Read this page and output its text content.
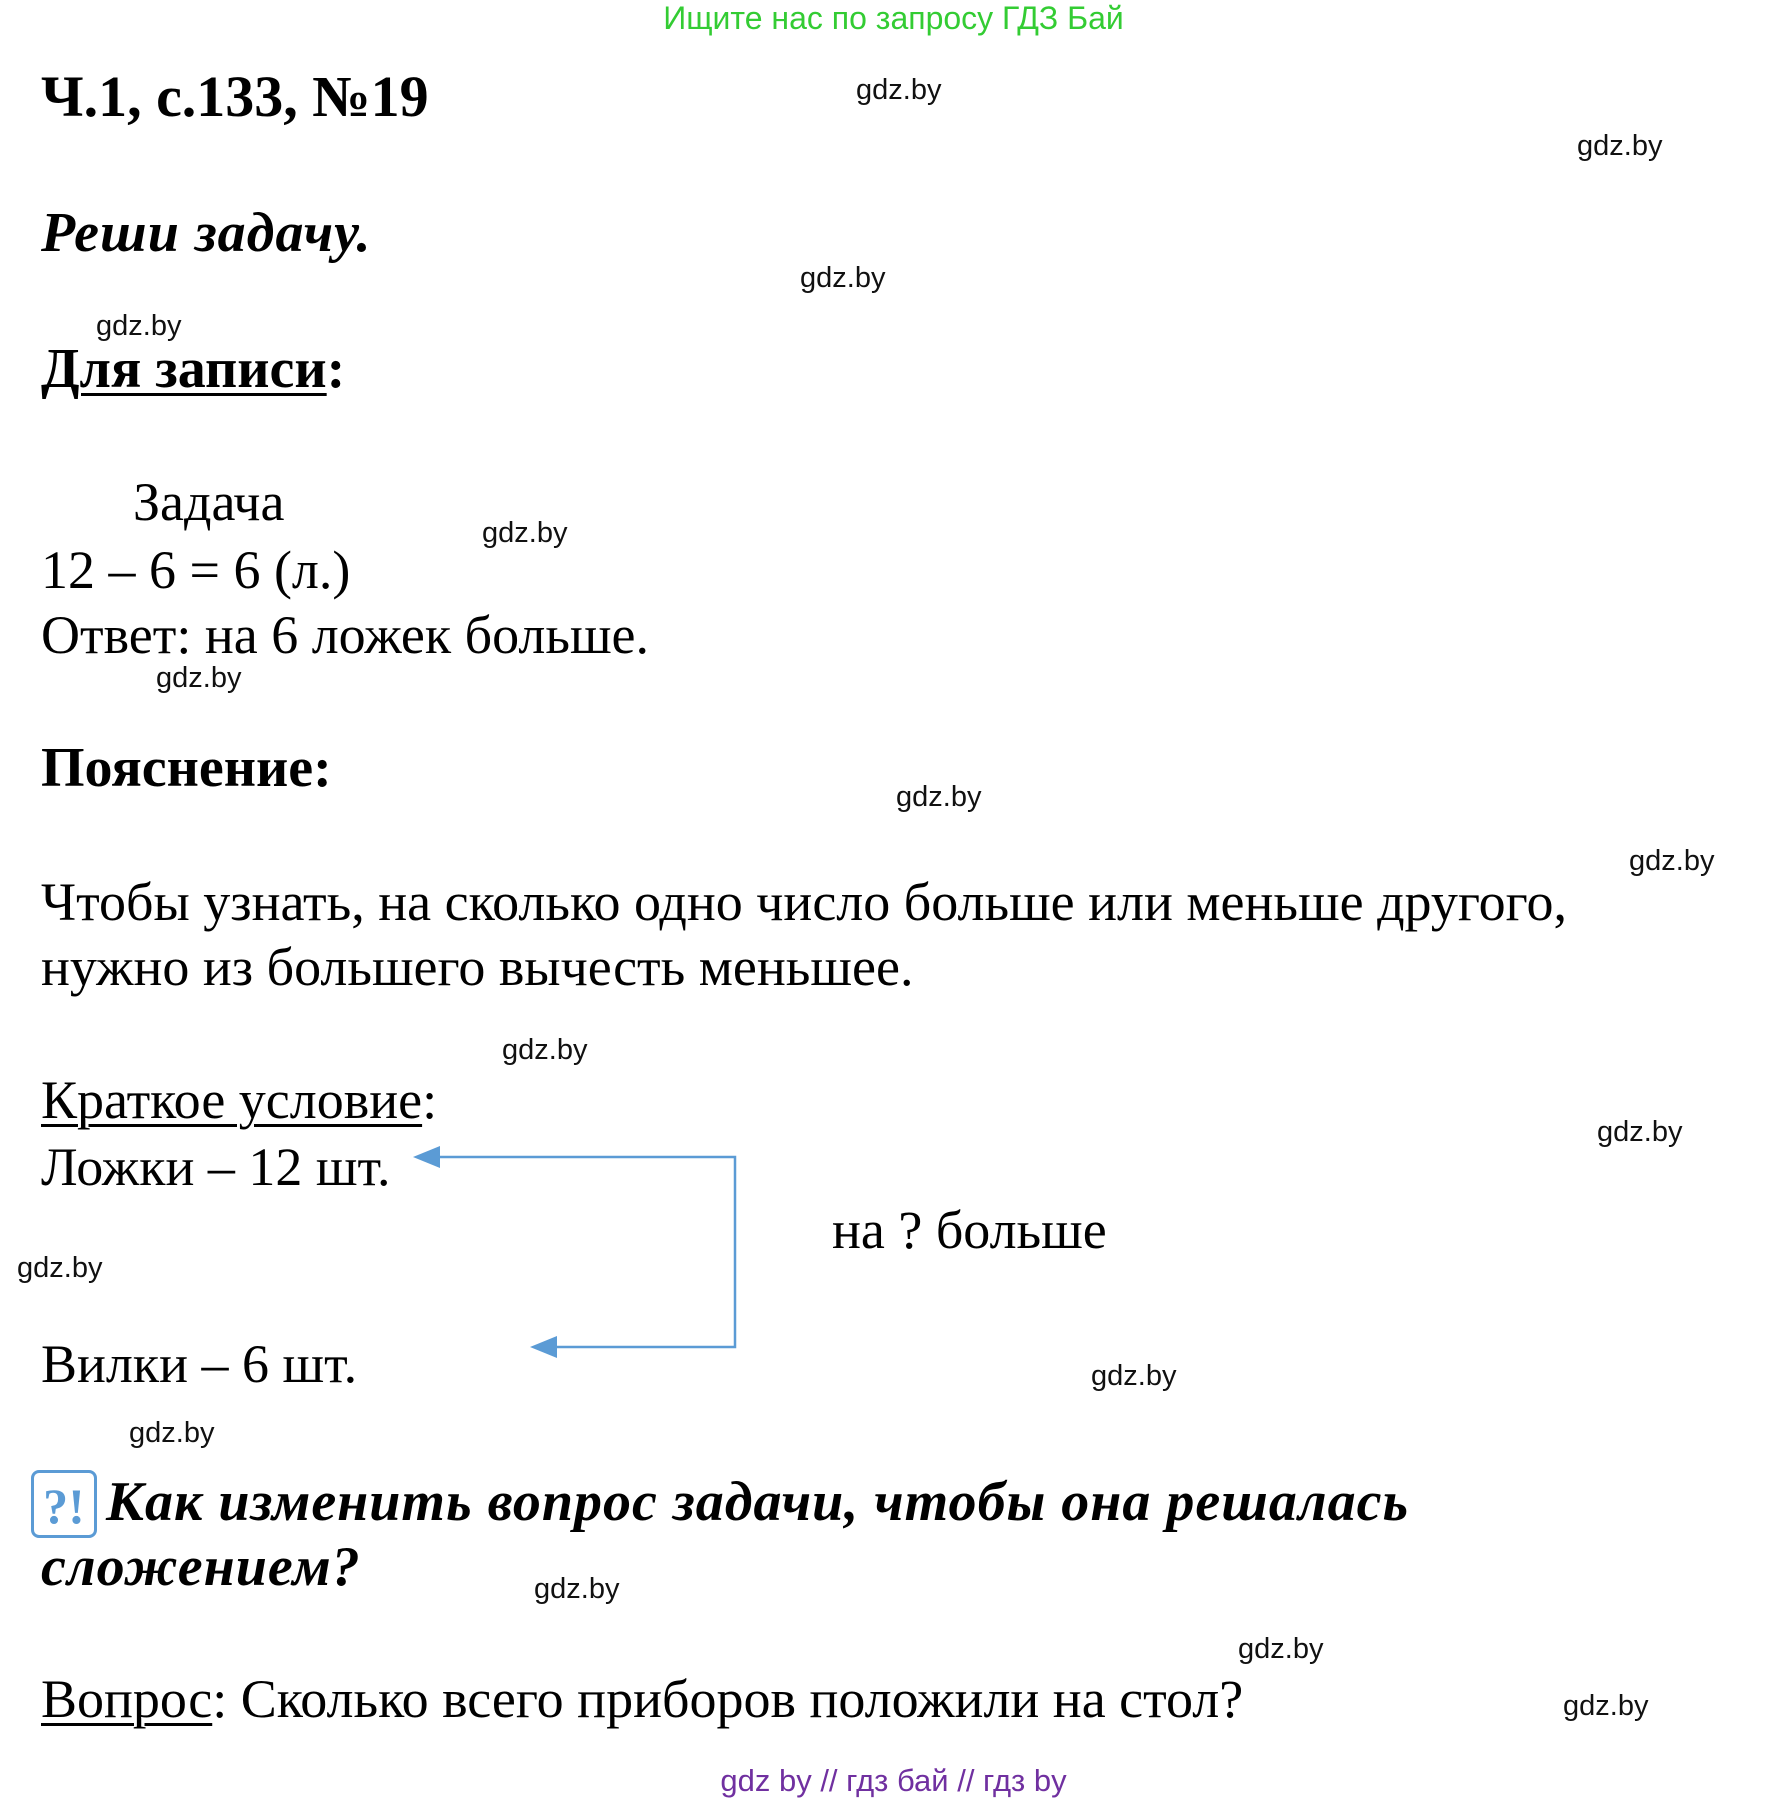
Ищите нас по запросу ГДЗ Бай
Ч.1, с.133, №19
Реши задачу.
Для записи:
Задача
12 – 6 = 6 (л.)
Ответ: на 6 ложек больше.
Пояснение:
Чтобы узнать, на сколько одно число больше или меньше другого,
нужно из большего вычесть меньшее.
Краткое условие:
Ложки – 12 шт.
на ? больше
Вилки – 6 шт.
?! Как изменить вопрос задачи, чтобы она решалась
сложением?
Вопрос: Сколько всего приборов положили на стол?
gdz.by
gdz.by
gdz.by
gdz.by
gdz.by
gdz.by
gdz.by
gdz.by
gdz.by
gdz.by
gdz.by
gdz.by
gdz.by
gdz.by
gdz.by
gdz.by
gdz by // гдз бай // гдз by
